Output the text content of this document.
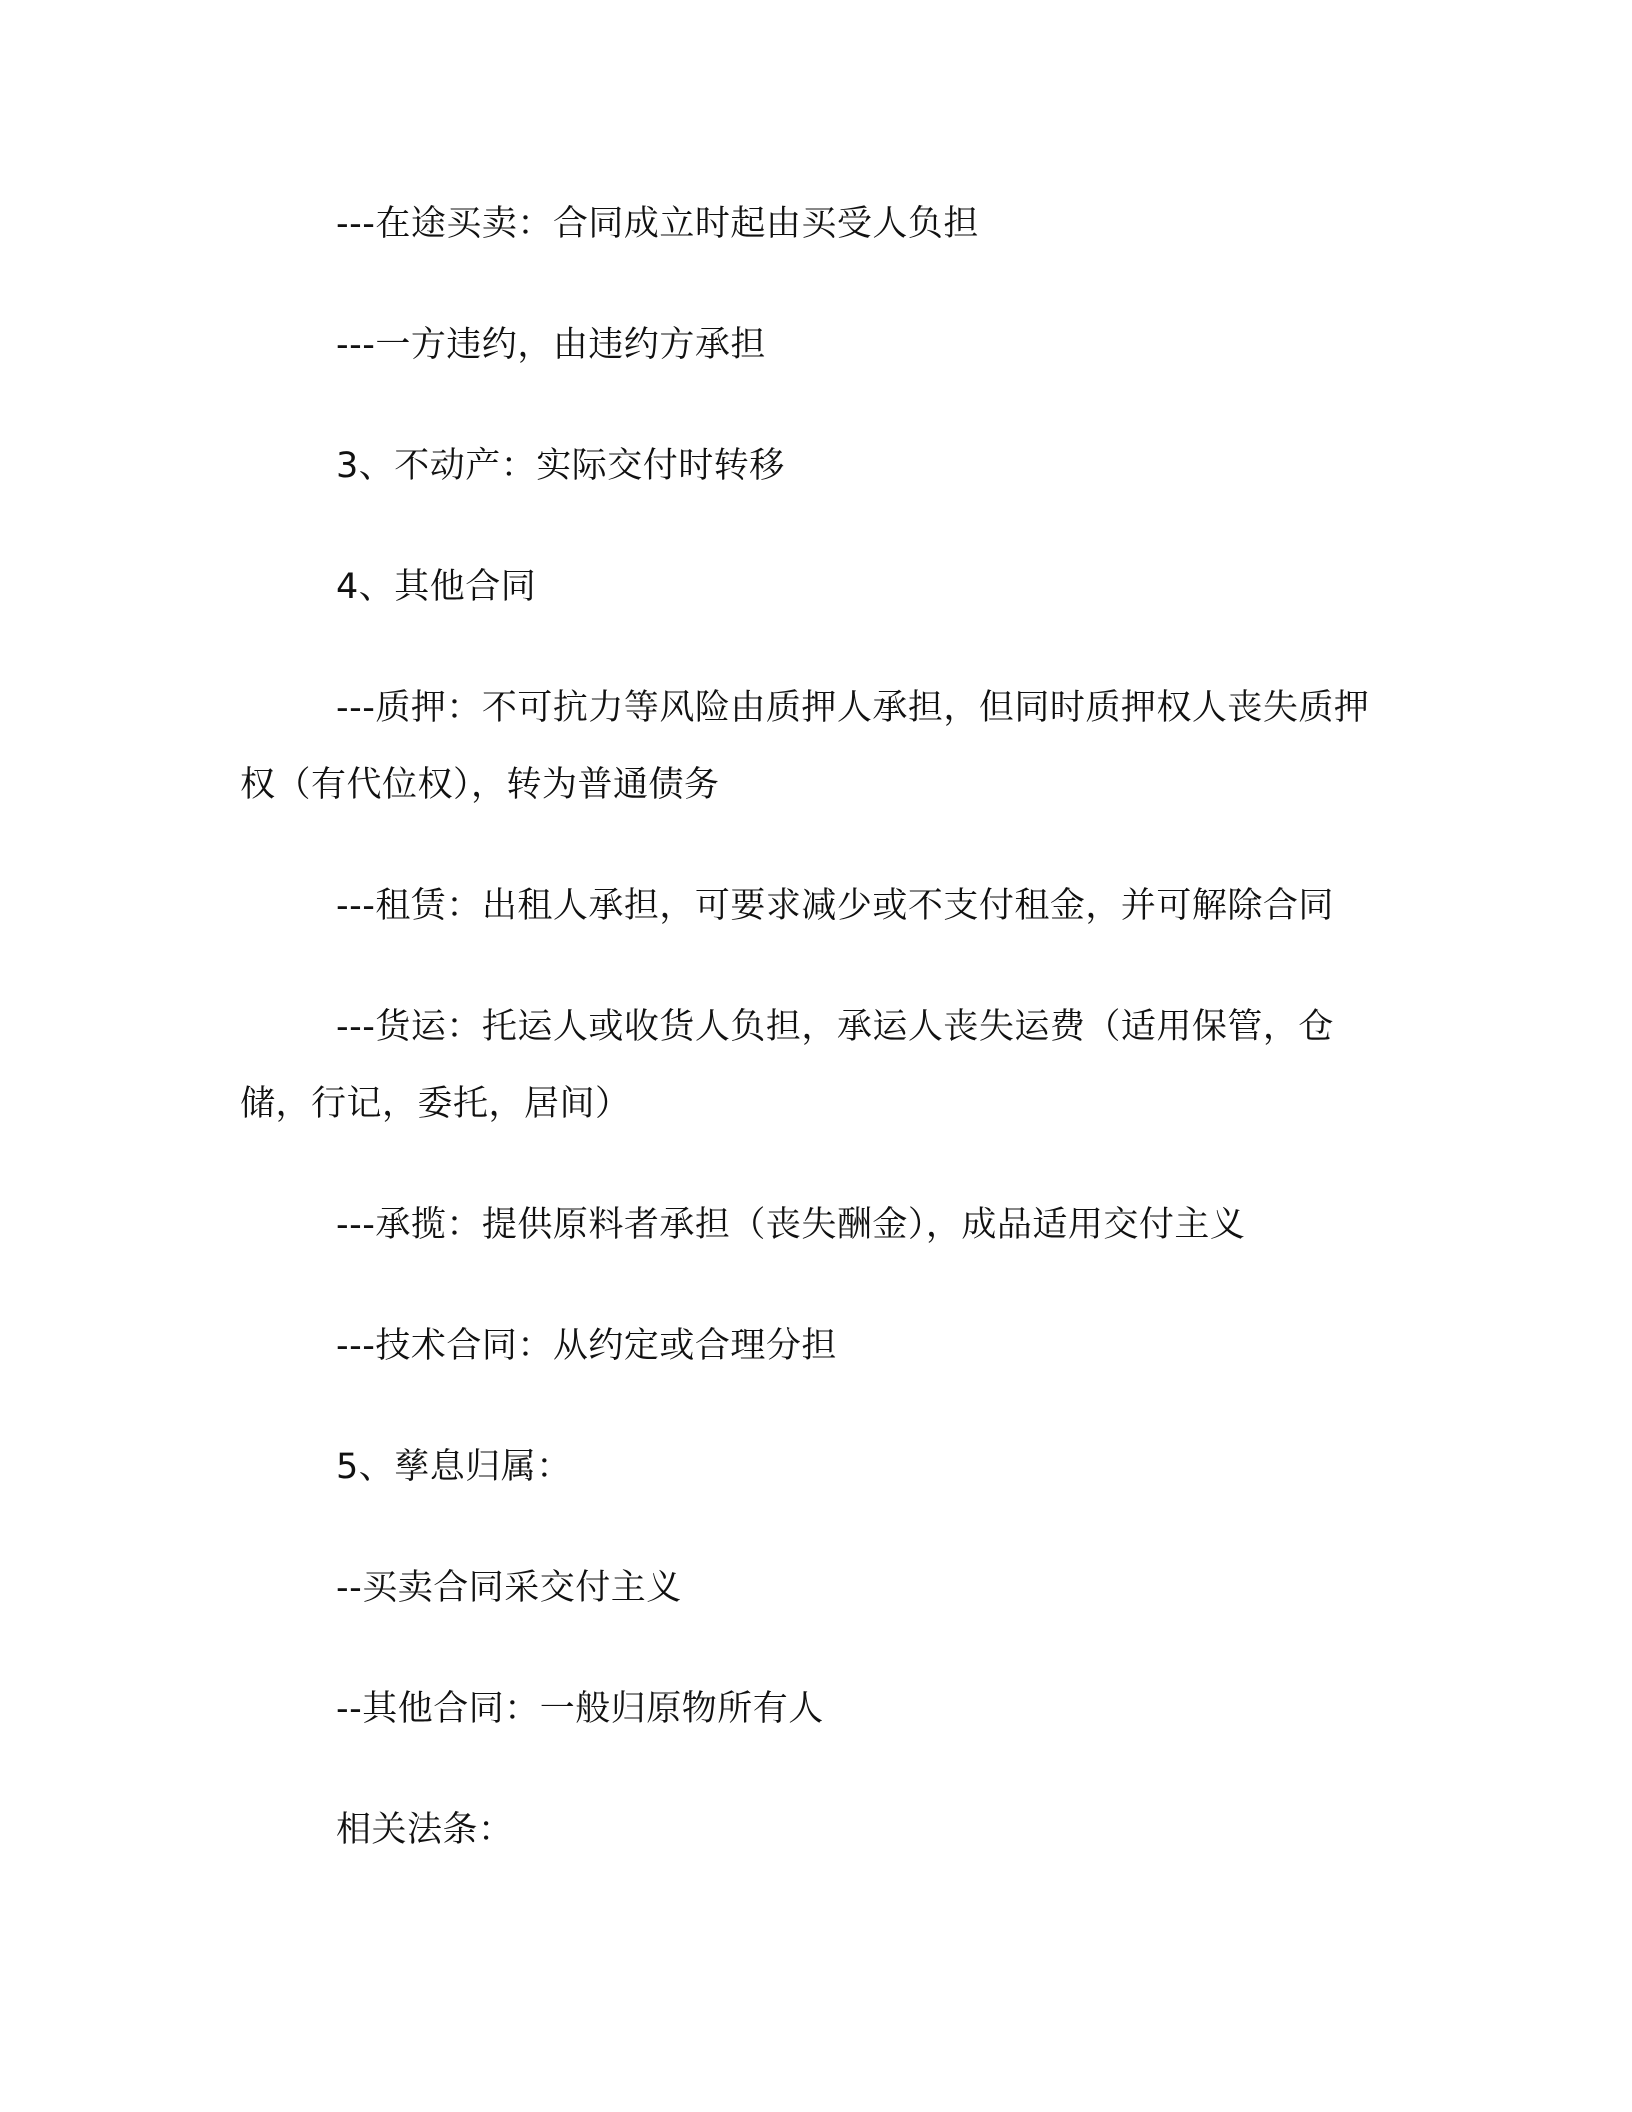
---在途买卖：合同成立时起由买受人负担

---一方违约，由违约方承担

3、不动产：实际交付时转移

4、其他合同

---质押：不可抗力等风险由质押人承担，但同时质押权人丧失质押权（有代位权），转为普通债务

---租赁：出租人承担，可要求减少或不支付租金，并可解除合同

---货运：托运人或收货人负担，承运人丧失运费（适用保管，仓储，行记，委托，居间）

---承揽：提供原料者承担（丧失酬金），成品适用交付主义

---技术合同：从约定或合理分担

5、孳息归属：

--买卖合同采交付主义

--其他合同：一般归原物所有人

相关法条：
